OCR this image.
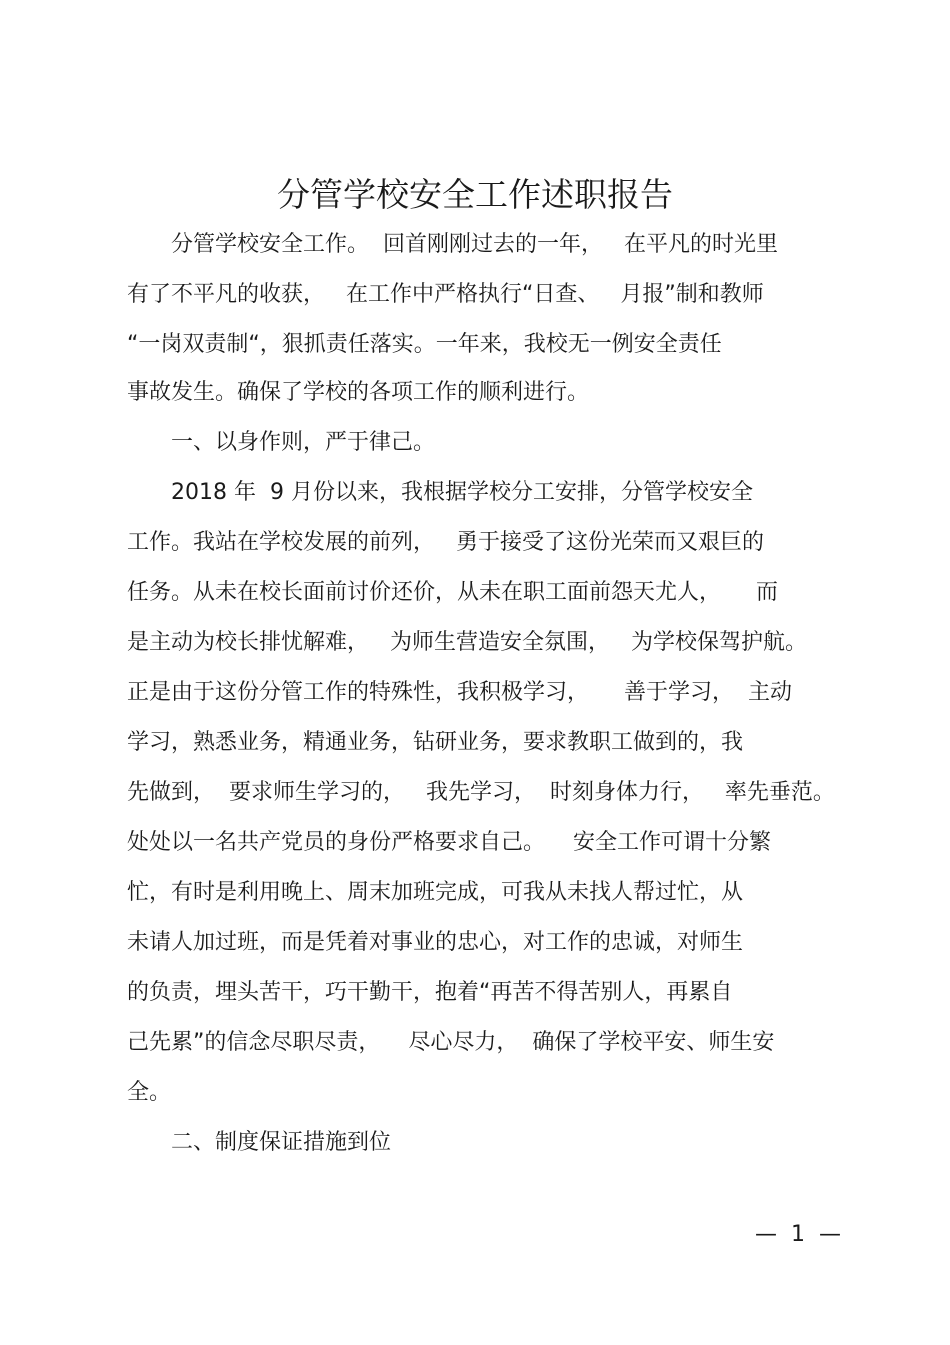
分管学校安全工作述职报告
　　分管学校安全工作。  回首刚刚过去的一年，   在平凡的时光里
有了不平凡的收获，   在工作中严格执行“日查、   月报”制和教师
“一岗双责制“，狠抓责任落实。一年来，我校无一例安全责任
事故发生。确保了学校的各项工作的顺利进行。
　　一、以身作则，严于律己。
　　2018 年  9 月份以来，我根据学校分工安排，分管学校安全
工作。我站在学校发展的前列，   勇于接受了这份光荣而又艰巨的
任务。从未在校长面前讨价还价，从未在职工面前怨天尤人，     而
是主动为校长排忧解难，   为师生营造安全氛围，   为学校保驾护航。
正是由于这份分管工作的特殊性，我积极学习，     善于学习，  主动
学习，熟悉业务，精通业务，钻研业务，要求教职工做到的，我
先做到，  要求师生学习的，   我先学习，  时刻身体力行，   率先垂范。
处处以一名共产党员的身份严格要求自己。    安全工作可谓十分繁
忙，有时是利用晚上、周末加班完成，可我从未找人帮过忙，从
未请人加过班，而是凭着对事业的忠心，对工作的忠诚，对师生
的负责，埋头苦干，巧干勤干，抱着“再苦不得苦别人，再累自
己先累”的信念尽职尽责，    尽心尽力，  确保了学校平安、师生安
全。
　　二、制度保证措施到位
—  1  —
